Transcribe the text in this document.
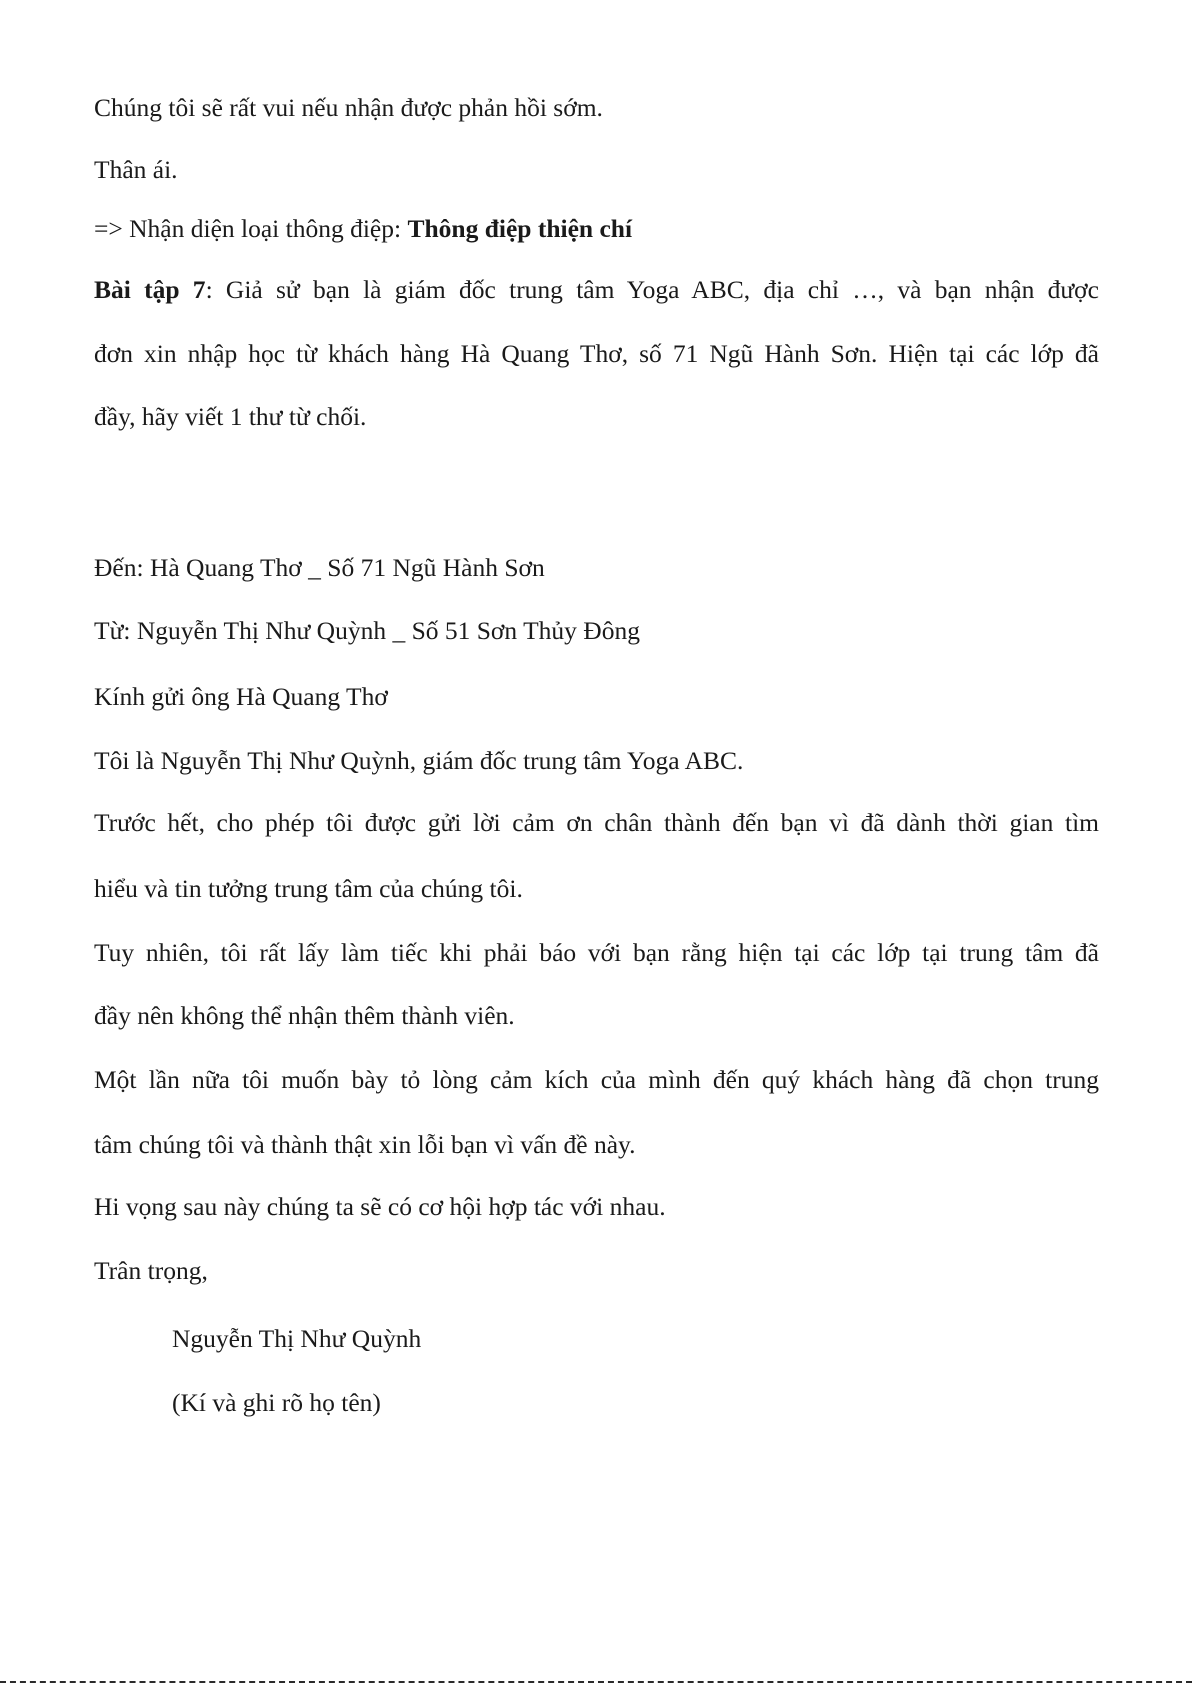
Chúng tôi sẽ rất vui nếu nhận được phản hồi sớm.
Thân ái.
=> Nhận diện loại thông điệp: Thông điệp thiện chí
Bài tập 7: Giả sử bạn là giám đốc trung tâm Yoga ABC, địa chỉ …, và bạn nhận được
đơn xin nhập học từ khách hàng Hà Quang Thơ, số 71 Ngũ Hành Sơn. Hiện tại các lớp đã
đầy, hãy viết 1 thư từ chối.
Đến: Hà Quang Thơ _ Số 71 Ngũ Hành Sơn
Từ: Nguyễn Thị Như Quỳnh _ Số 51 Sơn Thủy Đông
Kính gửi ông Hà Quang Thơ
Tôi là Nguyễn Thị Như Quỳnh, giám đốc trung tâm Yoga ABC.
Trước hết, cho phép tôi được gửi lời cảm ơn chân thành đến bạn vì đã dành thời gian tìm
hiểu và tin tưởng trung tâm của chúng tôi.
Tuy nhiên, tôi rất lấy làm tiếc khi phải báo với bạn rằng hiện tại các lớp tại trung tâm đã
đầy nên không thể nhận thêm thành viên.
Một lần nữa tôi muốn bày tỏ lòng cảm kích của mình đến quý khách hàng đã chọn trung
tâm chúng tôi và thành thật xin lỗi bạn vì vấn đề này.
Hi vọng sau này chúng ta sẽ có cơ hội hợp tác với nhau.
Trân trọng,
Nguyễn Thị Như Quỳnh
(Kí và ghi rõ họ tên)
